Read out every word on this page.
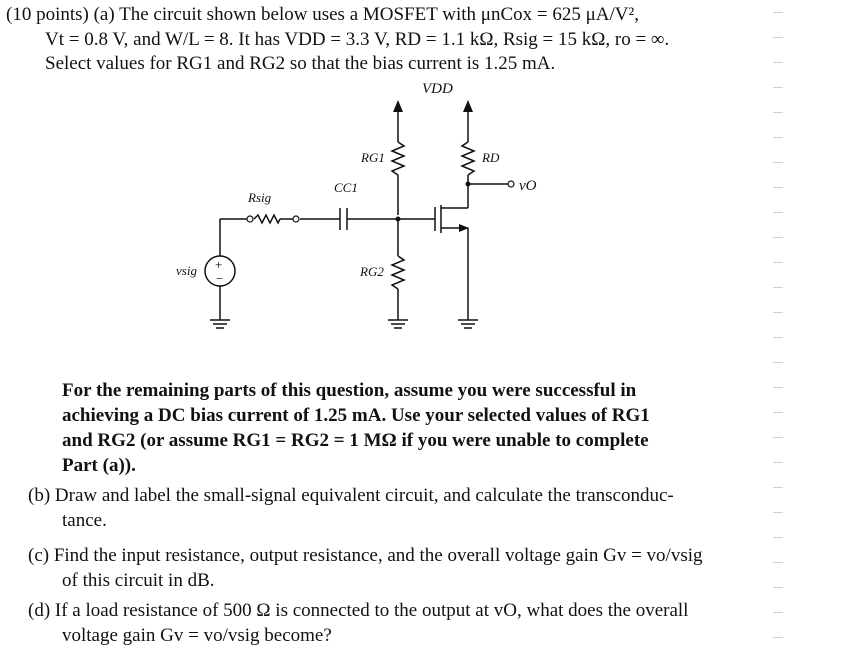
(10 points) (a) The circuit shown below uses a MOSFET with μnCox = 625 μA/V²,
Vt = 0.8 V, and W/L = 8. It has VDD = 3.3 V, RD = 1.1 kΩ, Rsig = 15 kΩ, ro = ∞.
Select values for RG1 and RG2 so that the bias current is 1.25 mA.
VDD
RG1	RD
CC1
Rsig
vO
RG2
vsig +
−
For the remaining parts of this question, assume you were successful in
achieving a DC bias current of 1.25 mA. Use your selected values of RG1
and RG2 (or assume RG1 = RG2 = 1 MΩ if you were unable to complete
Part (a)).
(b) Draw and label the small-signal equivalent circuit, and calculate the transconduc-
tance.
(c) Find the input resistance, output resistance, and the overall voltage gain Gv = vo/vsig
of this circuit in dB.
(d) If a load resistance of 500 Ω is connected to the output at vO, what does the overall
voltage gain Gv = vo/vsig become?
